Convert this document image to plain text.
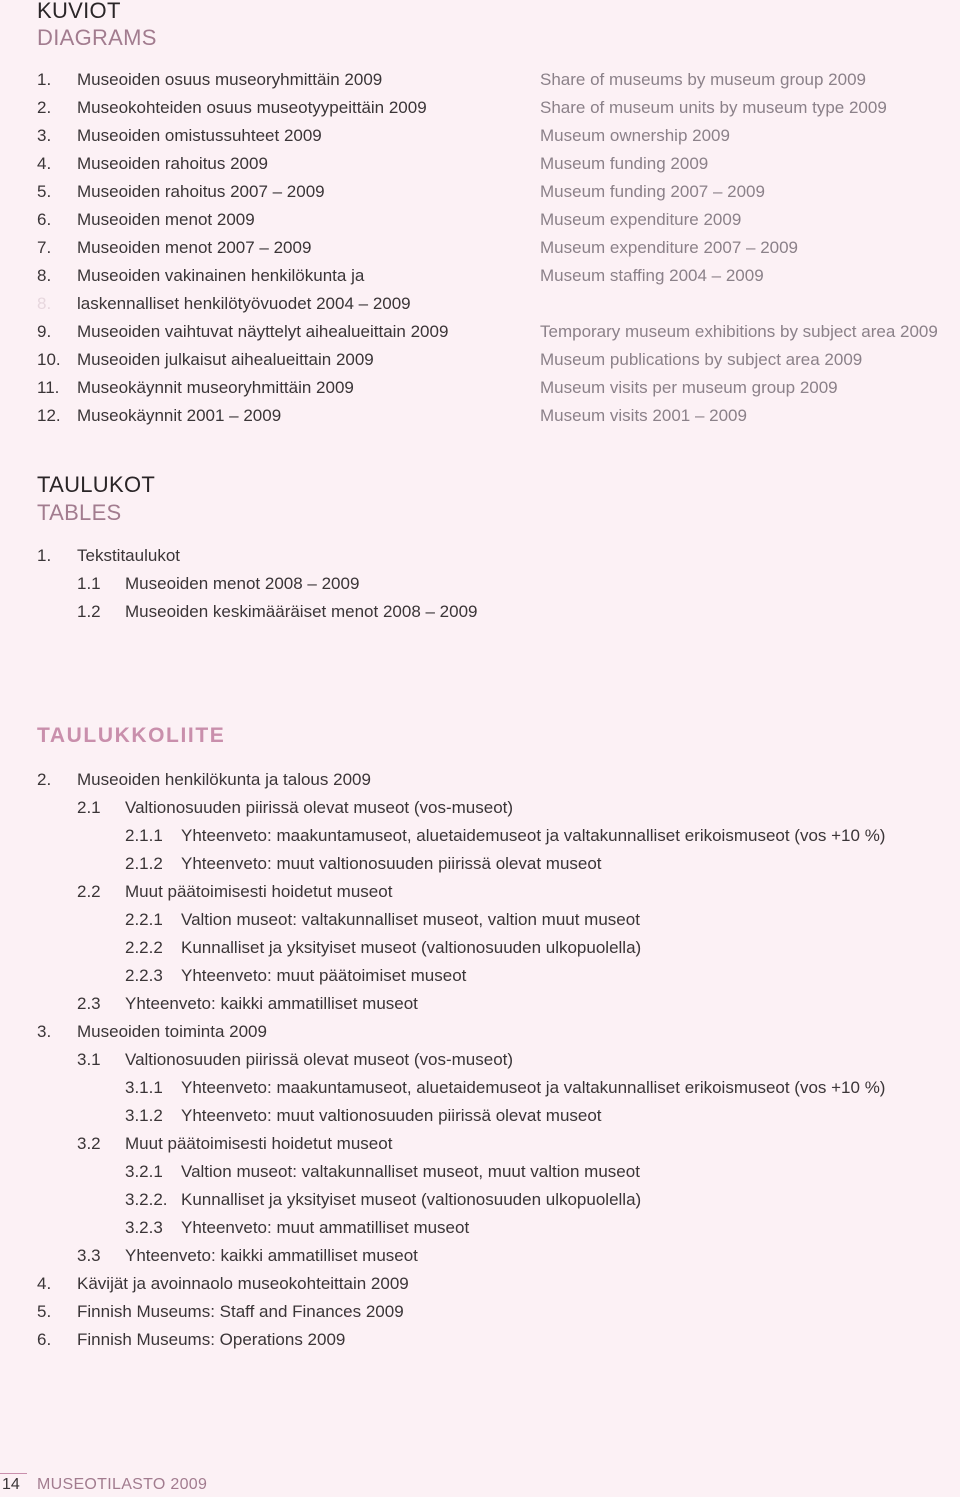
KUVIOT
DIAGRAMS
1. Museoiden osuus museoryhmittäin 2009	Share of museums by museum group 2009
2. Museokohteiden osuus museotyypeittäin 2009	Share of museum units by museum type 2009
3. Museoiden omistussuhteet 2009	Museum ownership 2009
4. Museoiden rahoitus 2009	Museum funding 2009
5. Museoiden rahoitus 2007 – 2009	Museum funding 2007 – 2009
6. Museoiden menot 2009	Museum expenditure 2009
7. Museoiden menot 2007 – 2009	Museum expenditure 2007 – 2009
8. Museoiden vakinainen henkilökunta ja	Museum staffing 2004 – 2009
8. laskennalliset henkilötyövuodet 2004 – 2009
9. Museoiden vaihtuvat näyttelyt aihealueittain 2009	Temporary museum exhibitions by subject area 2009
10. Museoiden julkaisut aihealueittain 2009	Museum publications by subject area 2009
11. Museokäynnit museoryhmittäin 2009	Museum visits per museum group 2009
12. Museokäynnit 2001 – 2009	Museum visits 2001 – 2009
TAULUKOT
TABLES
1. Tekstitaulukot
1.1 Museoiden menot 2008 – 2009
1.2 Museoiden keskimääräiset menot 2008 – 2009
TAULUKKOLIITE
2. Museoiden henkilökunta ja talous 2009
2.1 Valtionosuuden piirissä olevat museot (vos-museot)
2.1.1 Yhteenveto: maakuntamuseot, aluetaidemuseot ja valtakunnalliset erikoismuseot (vos +10 %)
2.1.2 Yhteenveto: muut valtionosuuden piirissä olevat museot
2.2 Muut päätoimisesti hoidetut museot
2.2.1 Valtion museot: valtakunnalliset museot, valtion muut museot
2.2.2 Kunnalliset ja yksityiset museot (valtionosuuden ulkopuolella)
2.2.3 Yhteenveto: muut päätoimiset museot
2.3 Yhteenveto: kaikki ammatilliset museot
3. Museoiden toiminta 2009
3.1 Valtionosuuden piirissä olevat museot (vos-museot)
3.1.1 Yhteenveto: maakuntamuseot, aluetaidemuseot ja valtakunnalliset erikoismuseot (vos +10 %)
3.1.2 Yhteenveto: muut valtionosuuden piirissä olevat museot
3.2 Muut päätoimisesti hoidetut museot
3.2.1 Valtion museot: valtakunnalliset museot, muut valtion museot
3.2.2. Kunnalliset ja yksityiset museot (valtionosuuden ulkopuolella)
3.2.3 Yhteenveto: muut ammatilliset museot
3.3 Yhteenveto: kaikki ammatilliset museot
4. Kävijät ja avoinnaolo museokohteittain 2009
5. Finnish Museums: Staff and Finances 2009
6. Finnish Museums: Operations 2009
14 MUSEOTILASTO 2009
